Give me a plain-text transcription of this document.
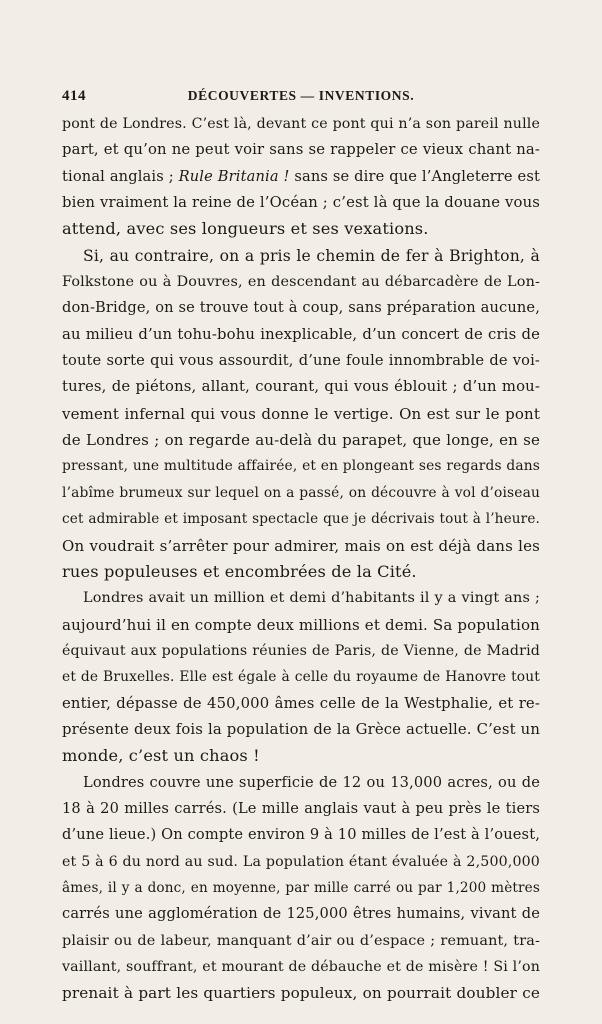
414	DÉCOUVERTES — INVENTIONS.
pont de Londres. C’est là, devant ce pont qui n’a son pareil nulle
part, et qu’on ne peut voir sans se rappeler ce vieux chant na-
tional anglais ; Rule Britania ! sans se dire que l’Angleterre est
bien vraiment la reine de l’Océan ; c’est là que la douane vous
attend, avec ses longueurs et ses vexations.
Si, au contraire, on a pris le chemin de fer à Brighton, à
Folkstone ou à Douvres, en descendant au débarcadère de Lon-
don-Bridge, on se trouve tout à coup, sans préparation aucune,
au milieu d’un tohu-bohu inexplicable, d’un concert de cris de
toute sorte qui vous assourdit, d’une foule innombrable de voi-
tures, de piétons, allant, courant, qui vous éblouit ; d’un mou-
vement infernal qui vous donne le vertige. On est sur le pont
de Londres ; on regarde au-delà du parapet, que longe, en se
pressant, une multitude affairée, et en plongeant ses regards dans
l’abîme brumeux sur lequel on a passé, on découvre à vol d’oiseau
cet admirable et imposant spectacle que je décrivais tout à l’heure.
On voudrait s’arrêter pour admirer, mais on est déjà dans les
rues populeuses et encombrées de la Cité.
Londres avait un million et demi d’habitants il y a vingt ans ;
aujourd’hui il en compte deux millions et demi. Sa population
équivaut aux populations réunies de Paris, de Vienne, de Madrid
et de Bruxelles. Elle est égale à celle du royaume de Hanovre tout
entier, dépasse de 450,000 âmes celle de la Westphalie, et re-
présente deux fois la population de la Grèce actuelle. C’est un
monde, c’est un chaos !
Londres couvre une superficie de 12 ou 13,000 acres, ou de
18 à 20 milles carrés. (Le mille anglais vaut à peu près le tiers
d’une lieue.) On compte environ 9 à 10 milles de l’est à l’ouest,
et 5 à 6 du nord au sud. La population étant évaluée à 2,500,000
âmes, il y a donc, en moyenne, par mille carré ou par 1,200 mètres
carrés une agglomération de 125,000 êtres humains, vivant de
plaisir ou de labeur, manquant d’air ou d’espace ; remuant, tra-
vaillant, souffrant, et mourant de débauche et de misère ! Si l’on
prenait à part les quartiers populeux, on pourrait doubler ce
